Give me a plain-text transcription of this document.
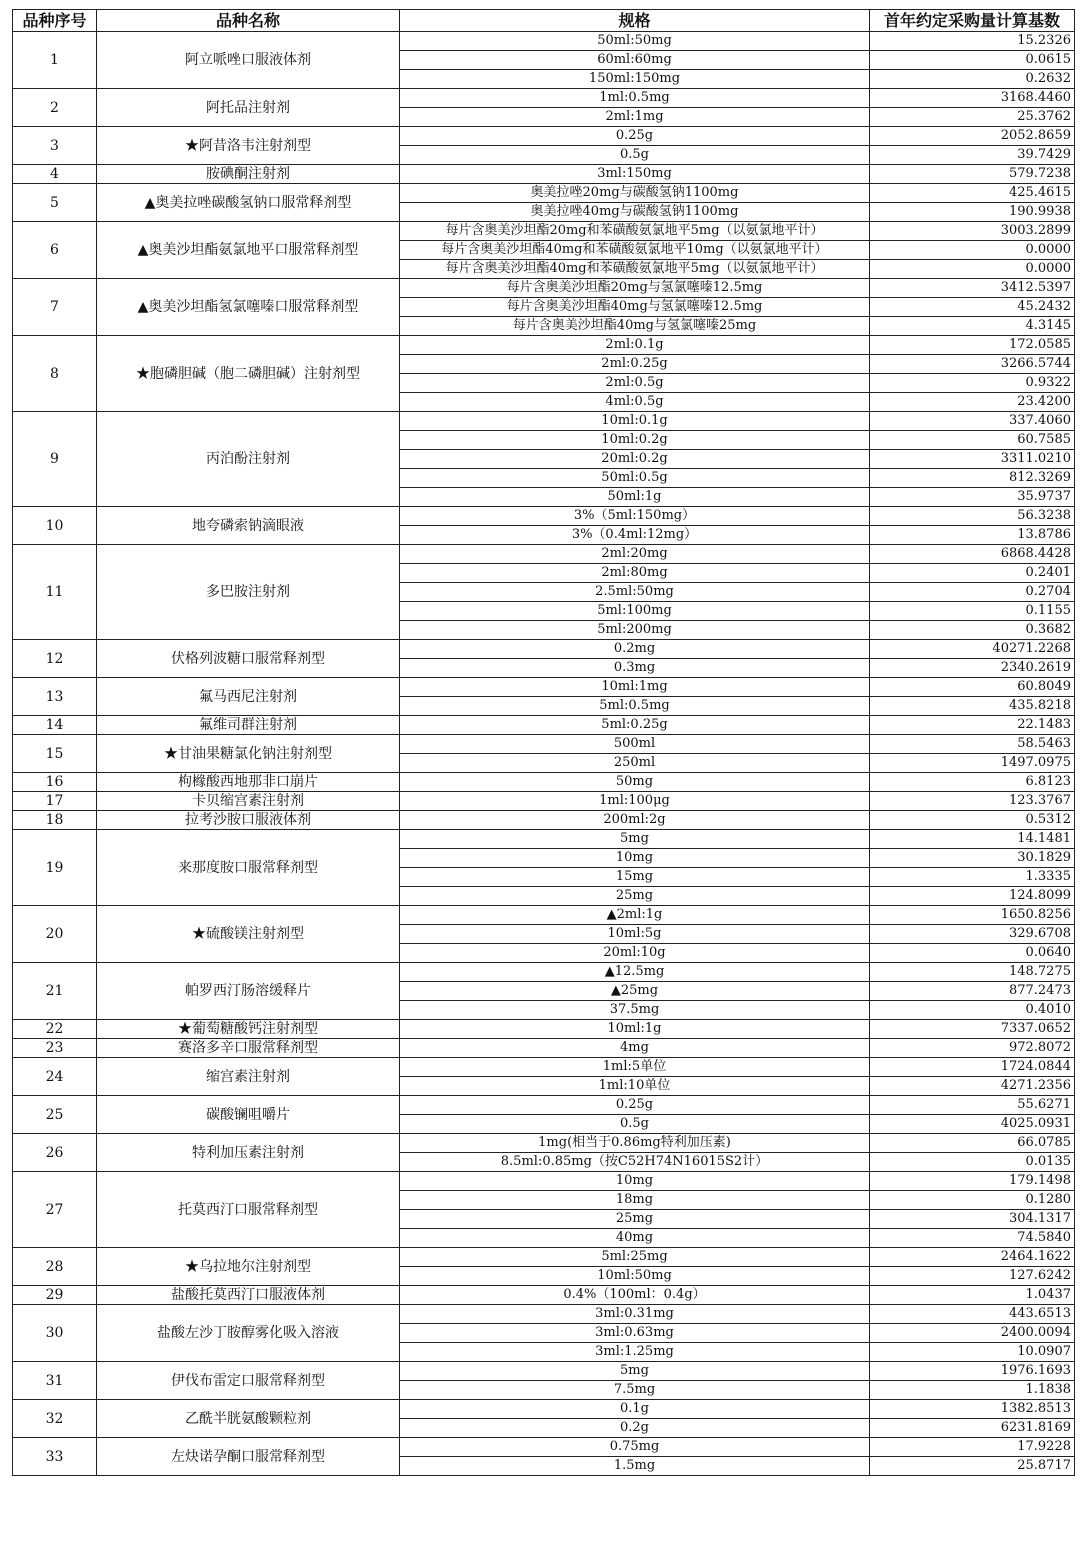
品种序号	品种名称	规格	首年约定采购量计算基数
1	阿立哌唑口服液体剂	50ml:50mg	15.2326
		60ml:60mg	0.0615
		150ml:150mg	0.2632
2	阿托品注射剂	1ml:0.5mg	3168.4460
		2ml:1mg	25.3762
3	★阿昔洛韦注射剂型	0.25g	2052.8659
		0.5g	39.7429
4	胺碘酮注射剂	3ml:150mg	579.7238
5	▲奥美拉唑碳酸氢钠口服常释剂型	奥美拉唑20mg与碳酸氢钠1100mg	425.4615
		奥美拉唑40mg与碳酸氢钠1100mg	190.9938
6	▲奥美沙坦酯氨氯地平口服常释剂型	每片含奥美沙坦酯20mg和苯磺酸氨氯地平5mg（以氨氯地平计）	3003.2899
		每片含奥美沙坦酯40mg和苯磺酸氨氯地平10mg（以氨氯地平计）	0.0000
		每片含奥美沙坦酯40mg和苯磺酸氨氯地平5mg（以氨氯地平计）	0.0000
7	▲奥美沙坦酯氢氯噻嗪口服常释剂型	每片含奥美沙坦酯20mg与氢氯噻嗪12.5mg	3412.5397
		每片含奥美沙坦酯40mg与氢氯噻嗪12.5mg	45.2432
		每片含奥美沙坦酯40mg与氢氯噻嗪25mg	4.3145
8	★胞磷胆碱（胞二磷胆碱）注射剂型	2ml:0.1g	172.0585
		2ml:0.25g	3266.5744
		2ml:0.5g	0.9322
		4ml:0.5g	23.4200
9	丙泊酚注射剂	10ml:0.1g	337.4060
		10ml:0.2g	60.7585
		20ml:0.2g	3311.0210
		50ml:0.5g	812.3269
		50ml:1g	35.9737
10	地夸磷索钠滴眼液	3%（5ml:150mg）	56.3238
		3%（0.4ml:12mg）	13.8786
11	多巴胺注射剂	2ml:20mg	6868.4428
		2ml:80mg	0.2401
		2.5ml:50mg	0.2704
		5ml:100mg	0.1155
		5ml:200mg	0.3682
12	伏格列波糖口服常释剂型	0.2mg	40271.2268
		0.3mg	2340.2619
13	氟马西尼注射剂	10ml:1mg	60.8049
		5ml:0.5mg	435.8218
14	氟维司群注射剂	5ml:0.25g	22.1483
15	★甘油果糖氯化钠注射剂型	500ml	58.5463
		250ml	1497.0975
16	枸橼酸西地那非口崩片	50mg	6.8123
17	卡贝缩宫素注射剂	1ml:100μg	123.3767
18	拉考沙胺口服液体剂	200ml:2g	0.5312
19	来那度胺口服常释剂型	5mg	14.1481
		10mg	30.1829
		15mg	1.3335
		25mg	124.8099
20	★硫酸镁注射剂型	▲2ml:1g	1650.8256
		10ml:5g	329.6708
		20ml:10g	0.0640
21	帕罗西汀肠溶缓释片	▲12.5mg	148.7275
		▲25mg	877.2473
		37.5mg	0.4010
22	★葡萄糖酸钙注射剂型	10ml:1g	7337.0652
23	赛洛多辛口服常释剂型	4mg	972.8072
24	缩宫素注射剂	1ml:5单位	1724.0844
		1ml:10单位	4271.2356
25	碳酸镧咀嚼片	0.25g	55.6271
		0.5g	4025.0931
26	特利加压素注射剂	1mg(相当于0.86mg特利加压素)	66.0785
		8.5ml:0.85mg（按C52H74N16015S2计）	0.0135
27	托莫西汀口服常释剂型	10mg	179.1498
		18mg	0.1280
		25mg	304.1317
		40mg	74.5840
28	★乌拉地尔注射剂型	5ml:25mg	2464.1622
		10ml:50mg	127.6242
29	盐酸托莫西汀口服液体剂	0.4%（100ml：0.4g）	1.0437
30	盐酸左沙丁胺醇雾化吸入溶液	3ml:0.31mg	443.6513
		3ml:0.63mg	2400.0094
		3ml:1.25mg	10.0907
31	伊伐布雷定口服常释剂型	5mg	1976.1693
		7.5mg	1.1838
32	乙酰半胱氨酸颗粒剂	0.1g	1382.8513
		0.2g	6231.8169
33	左炔诺孕酮口服常释剂型	0.75mg	17.9228
		1.5mg	25.8717
